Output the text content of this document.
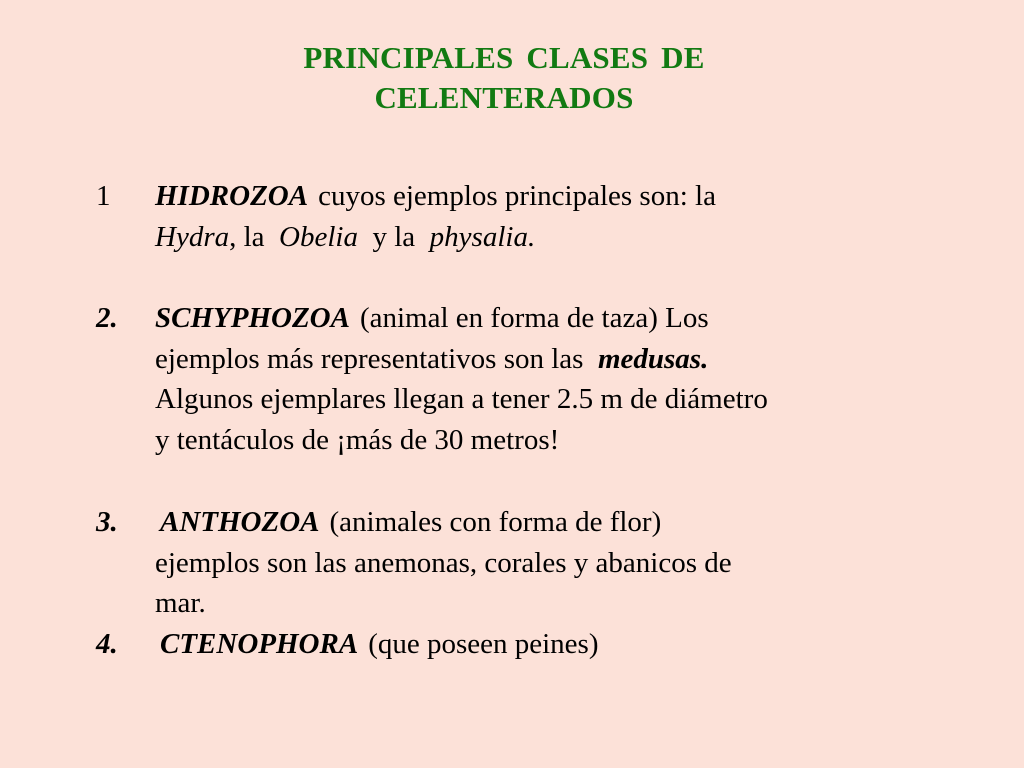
PRINCIPALES CLASES DE
CELENTERADOS
1 HIDROZOA cuyos ejemplos principales son: la
Hydra, la  Obelia  y la  physalia.
2. SCHYPHOZOA (animal en forma de taza) Los
ejemplos más representativos son las  medusas.
Algunos ejemplares llegan a tener 2.5 m de diámetro
y tentáculos de ¡más de 30 metros!
3. ANTHOZOA (animales con forma de flor)
ejemplos son las anemonas, corales y abanicos de
mar.
4. CTENOPHORA (que poseen peines)
